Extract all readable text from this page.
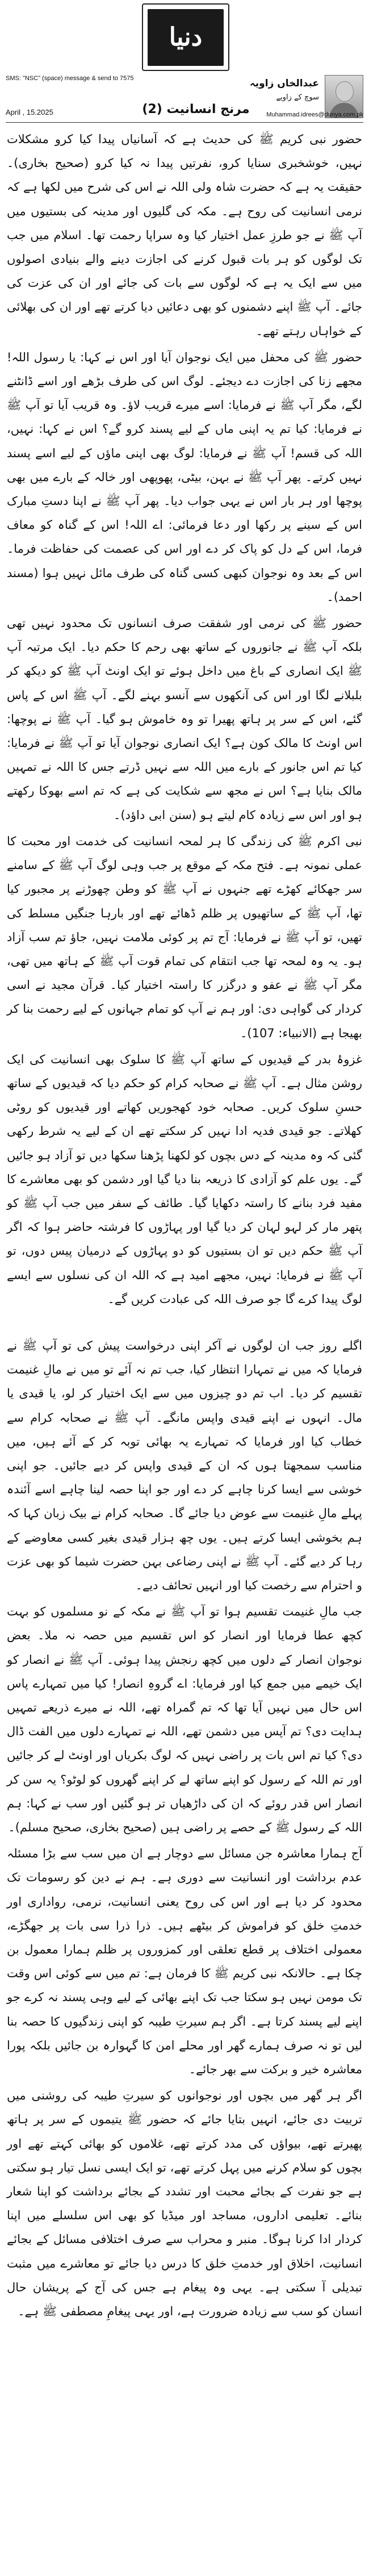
دنیا
SMS: "NSC" (space) message & send to 7575
April , 15.2025	مرنج انسانیت (2)
عبدالخاں زاویہ
سوچ کے زاویے
Muhammad.idrees@dunya.com.pk

حضور نبی کریم ﷺ کی حدیث ہے کہ آسانیاں پیدا کیا کرو مشکلات نہیں، خوشخبری سنایا کرو، نفرتیں پیدا نہ کیا کرو (صحیح بخاری)۔ حقیقت یہ ہے کہ حضرت شاہ ولی اللہ نے اس کی شرح میں لکھا ہے کہ نرمی انسانیت کی روح ہے۔ مکہ کی گلیوں اور مدینہ کی بستیوں میں آپ ﷺ نے جو طرزِ عمل اختیار کیا وہ سراپا رحمت تھا۔ اسلام میں جب تک لوگوں کو ہر بات قبول کرنے کی اجازت دینے والے بنیادی اصولوں میں سے ایک یہ ہے کہ لوگوں سے بات کی جائے اور ان کی عزت کی جائے۔ آپ ﷺ اپنے دشمنوں کو بھی دعائیں دیا کرتے تھے اور ان کی بھلائی کے خواہاں رہتے تھے۔

حضور ﷺ کی محفل میں ایک نوجوان آیا اور اس نے کہا: یا رسول اللہ! مجھے زنا کی اجازت دے دیجئے۔ لوگ اس کی طرف بڑھے اور اسے ڈانٹنے لگے، مگر آپ ﷺ نے فرمایا: اسے میرے قریب لاؤ۔ وہ قریب آیا تو آپ ﷺ نے فرمایا: کیا تم یہ اپنی ماں کے لیے پسند کرو گے؟ اس نے کہا: نہیں، اللہ کی قسم! آپ ﷺ نے فرمایا: لوگ بھی اپنی ماؤں کے لیے اسے پسند نہیں کرتے۔ پھر آپ ﷺ نے بہن، بیٹی، پھوپھی اور خالہ کے بارے میں بھی پوچھا اور ہر بار اس نے یہی جواب دیا۔ پھر آپ ﷺ نے اپنا دستِ مبارک اس کے سینے پر رکھا اور دعا فرمائی: اے اللہ! اس کے گناہ کو معاف فرما، اس کے دل کو پاک کر دے اور اس کی عصمت کی حفاظت فرما۔ اس کے بعد وہ نوجوان کبھی کسی گناہ کی طرف مائل نہیں ہوا (مسند احمد)۔

حضور ﷺ کی نرمی اور شفقت صرف انسانوں تک محدود نہیں تھی بلکہ آپ ﷺ نے جانوروں کے ساتھ بھی رحم کا حکم دیا۔ ایک مرتبہ آپ ﷺ ایک انصاری کے باغ میں داخل ہوئے تو ایک اونٹ آپ ﷺ کو دیکھ کر بلبلانے لگا اور اس کی آنکھوں سے آنسو بہنے لگے۔ آپ ﷺ اس کے پاس گئے، اس کے سر پر ہاتھ پھیرا تو وہ خاموش ہو گیا۔ آپ ﷺ نے پوچھا: اس اونٹ کا مالک کون ہے؟ ایک انصاری نوجوان آیا تو آپ ﷺ نے فرمایا: کیا تم اس جانور کے بارے میں اللہ سے نہیں ڈرتے جس کا اللہ نے تمہیں مالک بنایا ہے؟ اس نے مجھ سے شکایت کی ہے کہ تم اسے بھوکا رکھتے ہو اور اس سے زیادہ کام لیتے ہو (سنن ابی داؤد)۔

نبی اکرم ﷺ کی زندگی کا ہر لمحہ انسانیت کی خدمت اور محبت کا عملی نمونہ ہے۔ فتح مکہ کے موقع پر جب وہی لوگ آپ ﷺ کے سامنے سر جھکائے کھڑے تھے جنہوں نے آپ ﷺ کو وطن چھوڑنے پر مجبور کیا تھا، آپ ﷺ کے ساتھیوں پر ظلم ڈھائے تھے اور بارہا جنگیں مسلط کی تھیں، تو آپ ﷺ نے فرمایا: آج تم پر کوئی ملامت نہیں، جاؤ تم سب آزاد ہو۔ یہ وہ لمحہ تھا جب انتقام کی تمام قوت آپ ﷺ کے ہاتھ میں تھی، مگر آپ ﷺ نے عفو و درگزر کا راستہ اختیار کیا۔ قرآن مجید نے اسی کردار کی گواہی دی: اور ہم نے آپ کو تمام جہانوں کے لیے رحمت بنا کر بھیجا ہے (الانبیاء: 107)۔

غزوۂ بدر کے قیدیوں کے ساتھ آپ ﷺ کا سلوک بھی انسانیت کی ایک روشن مثال ہے۔ آپ ﷺ نے صحابہ کرام کو حکم دیا کہ قیدیوں کے ساتھ حسنِ سلوک کریں۔ صحابہ خود کھجوریں کھاتے اور قیدیوں کو روٹی کھلاتے۔ جو قیدی فدیہ ادا نہیں کر سکتے تھے ان کے لیے یہ شرط رکھی گئی کہ وہ مدینہ کے دس بچوں کو لکھنا پڑھنا سکھا دیں تو آزاد ہو جائیں گے۔ یوں علم کو آزادی کا ذریعہ بنا دیا گیا اور دشمن کو بھی معاشرے کا مفید فرد بنانے کا راستہ دکھایا گیا۔ طائف کے سفر میں جب آپ ﷺ کو پتھر مار کر لہو لہان کر دیا گیا اور پہاڑوں کا فرشتہ حاضر ہوا کہ اگر آپ ﷺ حکم دیں تو ان بستیوں کو دو پہاڑوں کے درمیان پیس دوں، تو آپ ﷺ نے فرمایا: نہیں، مجھے امید ہے کہ اللہ ان کی نسلوں سے ایسے لوگ پیدا کرے گا جو صرف اللہ کی عبادت کریں گے۔

اگلے روز جب ان لوگوں نے آکر اپنی درخواست پیش کی تو آپ ﷺ نے فرمایا کہ میں نے تمہارا انتظار کیا، جب تم نہ آئے تو میں نے مالِ غنیمت تقسیم کر دیا۔ اب تم دو چیزوں میں سے ایک اختیار کر لو، یا قیدی یا مال۔ انہوں نے اپنے قیدی واپس مانگے۔ آپ ﷺ نے صحابہ کرام سے خطاب کیا اور فرمایا کہ تمہارے یہ بھائی توبہ کر کے آئے ہیں، میں مناسب سمجھتا ہوں کہ ان کے قیدی واپس کر دیے جائیں۔ جو اپنی خوشی سے ایسا کرنا چاہے کر دے اور جو اپنا حصہ لینا چاہے اسے آئندہ پہلے مالِ غنیمت سے عوض دیا جائے گا۔ صحابہ کرام نے بیک زبان کہا کہ ہم بخوشی ایسا کرتے ہیں۔ یوں چھ ہزار قیدی بغیر کسی معاوضے کے رہا کر دیے گئے۔ آپ ﷺ نے اپنی رضاعی بہن حضرت شیما کو بھی عزت و احترام سے رخصت کیا اور انہیں تحائف دیے۔

جب مالِ غنیمت تقسیم ہوا تو آپ ﷺ نے مکہ کے نو مسلموں کو بہت کچھ عطا فرمایا اور انصار کو اس تقسیم میں حصہ نہ ملا۔ بعض نوجوان انصار کے دلوں میں کچھ رنجش پیدا ہوئی۔ آپ ﷺ نے انصار کو ایک خیمے میں جمع کیا اور فرمایا: اے گروہِ انصار! کیا میں تمہارے پاس اس حال میں نہیں آیا تھا کہ تم گمراہ تھے، اللہ نے میرے ذریعے تمہیں ہدایت دی؟ تم آپس میں دشمن تھے، اللہ نے تمہارے دلوں میں الفت ڈال دی؟ کیا تم اس بات پر راضی نہیں کہ لوگ بکریاں اور اونٹ لے کر جائیں اور تم اللہ کے رسول کو اپنے ساتھ لے کر اپنے گھروں کو لوٹو؟ یہ سن کر انصار اس قدر روئے کہ ان کی داڑھیاں تر ہو گئیں اور سب نے کہا: ہم اللہ کے رسول ﷺ کے حصے پر راضی ہیں (صحیح بخاری، صحیح مسلم)۔

آج ہمارا معاشرہ جن مسائل سے دوچار ہے ان میں سب سے بڑا مسئلہ عدم برداشت اور انسانیت سے دوری ہے۔ ہم نے دین کو رسومات تک محدود کر دیا ہے اور اس کی روح یعنی انسانیت، نرمی، رواداری اور خدمتِ خلق کو فراموش کر بیٹھے ہیں۔ ذرا ذرا سی بات پر جھگڑے، معمولی اختلاف پر قطع تعلقی اور کمزوروں پر ظلم ہمارا معمول بن چکا ہے۔ حالانکہ نبی کریم ﷺ کا فرمان ہے: تم میں سے کوئی اس وقت تک مومن نہیں ہو سکتا جب تک اپنے بھائی کے لیے وہی پسند نہ کرے جو اپنے لیے پسند کرتا ہے۔ اگر ہم سیرتِ طیبہ کو اپنی زندگیوں کا حصہ بنا لیں تو نہ صرف ہمارے گھر اور محلے امن کا گہوارہ بن جائیں بلکہ پورا معاشرہ خیر و برکت سے بھر جائے۔

اگر ہر گھر میں بچوں اور نوجوانوں کو سیرتِ طیبہ کی روشنی میں تربیت دی جائے، انہیں بتایا جائے کہ حضور ﷺ یتیموں کے سر پر ہاتھ پھیرتے تھے، بیواؤں کی مدد کرتے تھے، غلاموں کو بھائی کہتے تھے اور بچوں کو سلام کرنے میں پہل کرتے تھے، تو ایک ایسی نسل تیار ہو سکتی ہے جو نفرت کے بجائے محبت اور تشدد کے بجائے برداشت کو اپنا شعار بنائے۔ تعلیمی اداروں، مساجد اور میڈیا کو بھی اس سلسلے میں اپنا کردار ادا کرنا ہوگا۔ منبر و محراب سے صرف اختلافی مسائل کے بجائے انسانیت، اخلاق اور خدمتِ خلق کا درس دیا جائے تو معاشرے میں مثبت تبدیلی آ سکتی ہے۔ یہی وہ پیغام ہے جس کی آج کے پریشان حال انسان کو سب سے زیادہ ضرورت ہے، اور یہی پیغامِ مصطفی ﷺ ہے۔
